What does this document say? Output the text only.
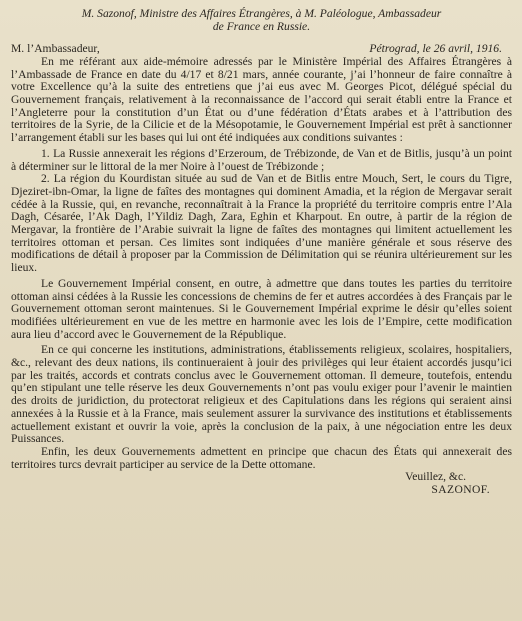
M. Sazonof, Ministre des Affaires Étrangères, à M. Paléologue, Ambassadeur
de France en Russie.
M. l’Ambassadeur,	Pétrograd, le 26 avril, 1916.

En me référant aux aide-mémoire adressés par le Ministère Impérial des Affaires Étrangères à l’Ambassade de France en date du 4/17 et 8/21 mars, année courante, j’ai l’honneur de faire connaître à votre Excellence qu’à la suite des entretiens que j’ai eus avec M. Georges Picot, délégué spécial du Gouvernement français, relativement à la reconnaissance de l’accord qui serait établi entre la France et l’Angleterre pour la constitution d’un État ou d’une fédération d’États arabes et à l’attribution des territoires de la Syrie, de la Cilicie et de la Mésopotamie, le Gouvernement Impérial est prêt à sanctionner l’arrangement établi sur les bases qui lui ont été indiquées aux conditions suivantes :

1. La Russie annexerait les régions d’Erzeroum, de Trébizonde, de Van et de Bitlis, jusqu’à un point à déterminer sur le littoral de la mer Noire à l’ouest de Trébizonde ;

2. La région du Kourdistan située au sud de Van et de Bitlis entre Mouch, Sert, le cours du Tigre, Djeziret-ibn-Omar, la ligne de faîtes des montagnes qui dominent Amadia, et la région de Mergavar serait cédée à la Russie, qui, en revanche, reconnaîtrait à la France la propriété du territoire compris entre l’Ala Dagh, Césarée, l’Ak Dagh, l’Yildiz Dagh, Zara, Eghin et Kharpout. En outre, à partir de la région de Mergavar, la frontière de l’Arabie suivrait la ligne de faîtes des montagnes qui limitent actuellement les territoires ottoman et persan. Ces limites sont indiquées d’une manière générale et sous réserve des modifications de détail à proposer par la Commission de Délimitation qui se réunira ultérieurement sur les lieux.

Le Gouvernement Impérial consent, en outre, à admettre que dans toutes les parties du territoire ottoman ainsi cédées à la Russie les concessions de chemins de fer et autres accordées à des Français par le Gouvernement ottoman seront maintenues. Si le Gouvernement Impérial exprime le désir qu’elles soient modifiées ultérieurement en vue de les mettre en harmonie avec les lois de l’Empire, cette modification aura lieu d’accord avec le Gouvernement de la République.

En ce qui concerne les institutions, administrations, établissements religieux, scolaires, hospitaliers, &c., relevant des deux nations, ils continueraient à jouir des privilèges qui leur étaient accordés jusqu’ici par les traités, accords et contrats conclus avec le Gouvernement ottoman. Il demeure, toutefois, entendu qu’en stipulant une telle réserve les deux Gouvernements n’ont pas voulu exiger pour l’avenir le maintien des droits de juridiction, du protectorat religieux et des Capitulations dans les régions qui seraient ainsi annexées à la Russie et à la France, mais seulement assurer la survivance des institutions et établissements actuellement existant et ouvrir la voie, après la conclusion de la paix, à une négociation entre les deux Puissances.

Enfin, les deux Gouvernements admettent en principe que chacun des États qui annexerait des territoires turcs devrait participer au service de la Dette ottomane.

Veuillez, &c.
SAZONOF.
